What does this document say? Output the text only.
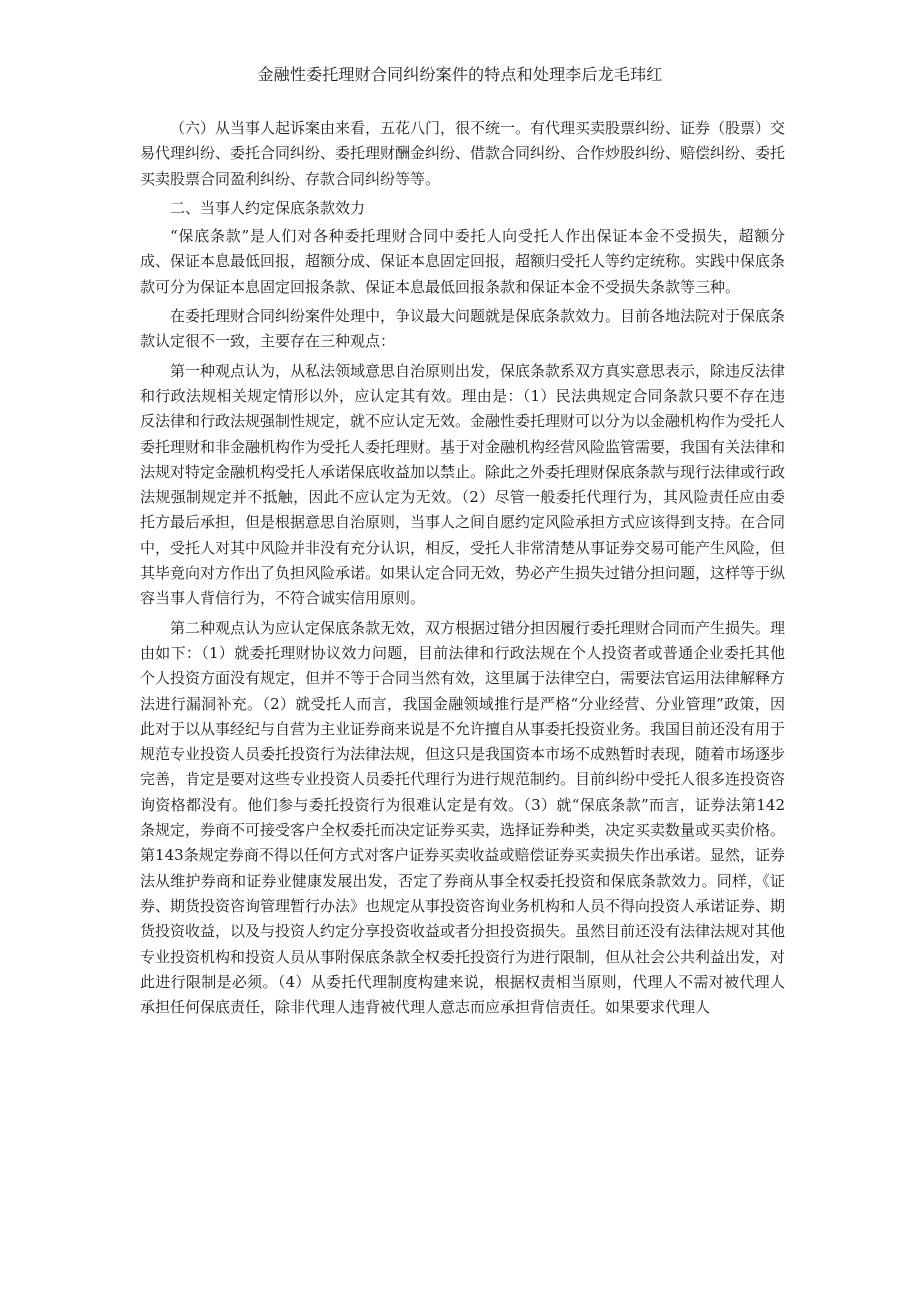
金融性委托理财合同纠纷案件的特点和处理李后龙毛玮红

（六）从当事人起诉案由来看，五花八门，很不统一。有代理买卖股票纠纷、证券（股票）交易代理纠纷、委托合同纠纷、委托理财酬金纠纷、借款合同纠纷、合作炒股纠纷、赔偿纠纷、委托买卖股票合同盈利纠纷、存款合同纠纷等等。

二、当事人约定保底条款效力

“保底条款”是人们对各种委托理财合同中委托人向受托人作出保证本金不受损失，超额分成、保证本息最低回报，超额分成、保证本息固定回报，超额归受托人等约定统称。实践中保底条款可分为保证本息固定回报条款、保证本息最低回报条款和保证本金不受损失条款等三种。

在委托理财合同纠纷案件处理中，争议最大问题就是保底条款效力。目前各地法院对于保底条款认定很不一致，主要存在三种观点：

第一种观点认为，从私法领域意思自治原则出发，保底条款系双方真实意思表示，除违反法律和行政法规相关规定情形以外，应认定其有效。理由是：（1）民法典规定合同条款只要不存在违反法律和行政法规强制性规定，就不应认定无效。金融性委托理财可以分为以金融机构作为受托人委托理财和非金融机构作为受托人委托理财。基于对金融机构经营风险监管需要，我国有关法律和法规对特定金融机构受托人承诺保底收益加以禁止。除此之外委托理财保底条款与现行法律或行政法规强制规定并不抵触，因此不应认定为无效。（2）尽管一般委托代理行为，其风险责任应由委托方最后承担，但是根据意思自治原则，当事人之间自愿约定风险承担方式应该得到支持。在合同中，受托人对其中风险并非没有充分认识，相反，受托人非常清楚从事证券交易可能产生风险，但其毕竟向对方作出了负担风险承诺。如果认定合同无效，势必产生损失过错分担问题，这样等于纵容当事人背信行为，不符合诚实信用原则。

第二种观点认为应认定保底条款无效，双方根据过错分担因履行委托理财合同而产生损失。理由如下：（1）就委托理财协议效力问题，目前法律和行政法规在个人投资者或普通企业委托其他个人投资方面没有规定，但并不等于合同当然有效，这里属于法律空白，需要法官运用法律解释方法进行漏洞补充。（2）就受托人而言，我国金融领域推行是严格“分业经营、分业管理”政策，因此对于以从事经纪与自营为主业证券商来说是不允许擅自从事委托投资业务。我国目前还没有用于规范专业投资人员委托投资行为法律法规，但这只是我国资本市场不成熟暂时表现，随着市场逐步完善，肯定是要对这些专业投资人员委托代理行为进行规范制约。目前纠纷中受托人很多连投资咨询资格都没有。他们参与委托投资行为很难认定是有效。（3）就“保底条款”而言，证券法第142条规定，券商不可接受客户全权委托而决定证券买卖，选择证券种类，决定买卖数量或买卖价格。第143条规定券商不得以任何方式对客户证券买卖收益或赔偿证券买卖损失作出承诺。显然，证券法从维护券商和证券业健康发展出发，否定了券商从事全权委托投资和保底条款效力。同样，《证券、期货投资咨询管理暂行办法》也规定从事投资咨询业务机构和人员不得向投资人承诺证券、期货投资收益，以及与投资人约定分享投资收益或者分担投资损失。虽然目前还没有法律法规对其他专业投资机构和投资人员从事附保底条款全权委托投资行为进行限制，但从社会公共利益出发，对此进行限制是必须。（4）从委托代理制度构建来说，根据权责相当原则，代理人不需对被代理人承担任何保底责任，除非代理人违背被代理人意志而应承担背信责任。如果要求代理人
